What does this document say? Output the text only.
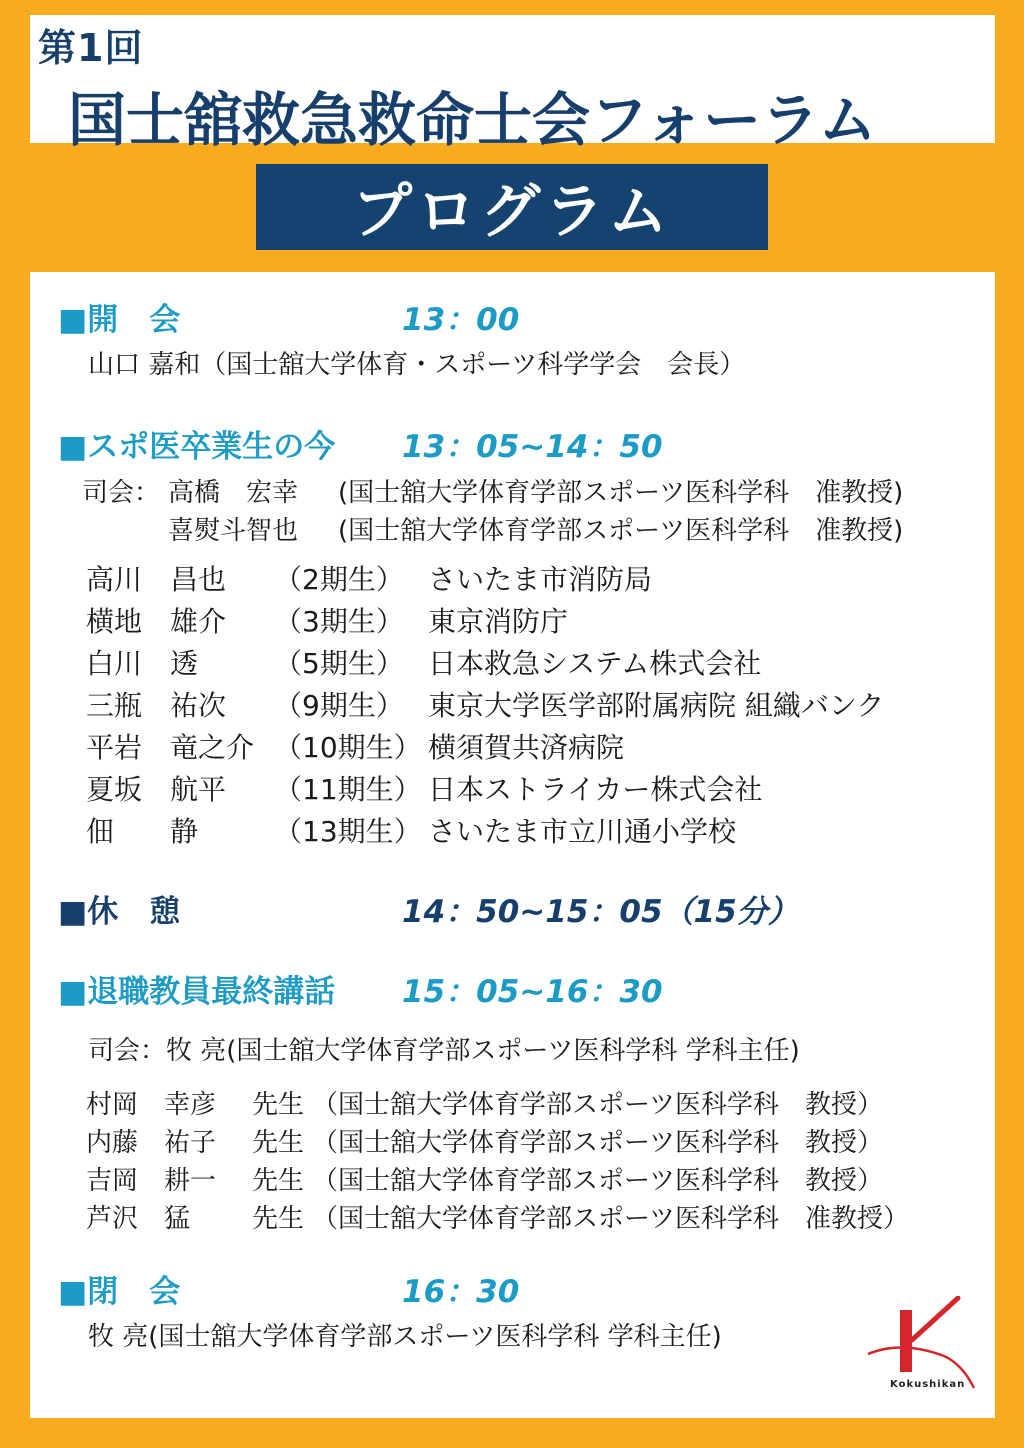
第1回
国士舘救急救命士会フォーラム
プログラム
■開　会	13：00
山口 嘉和（国士舘大学体育・スポーツ科学学会　会長）
■スポ医卒業生の今 13：05~14：50
司会： 高橋　宏幸 (国士舘大学体育学部スポーツ医科学科　准教授)
喜熨斗智也 (国士舘大学体育学部スポーツ医科学科　准教授)
高川　昌也 （2期生） さいたま市消防局
横地　雄介 （3期生） 東京消防庁
白川　透	（5期生） 日本救急システム株式会社
三瓶　祐次 （9期生） 東京大学医学部附属病院 組織バンク
平岩　竜之介 （10期生） 横須賀共済病院
夏坂　航平 （11期生） 日本ストライカー株式会社
佃　　静	（13期生） さいたま市立川通小学校
■休　憩	14：50~15：05（15分）
■退職教員最終講話 15：05~16：30
司会：牧 亮(国士舘大学体育学部スポーツ医科学科 学科主任)
村岡　幸彦 先生 （国士舘大学体育学部スポーツ医科学科　教授）
内藤　祐子 先生 （国士舘大学体育学部スポーツ医科学科　教授）
吉岡　耕一 先生 （国士舘大学体育学部スポーツ医科学科　教授）
芦沢　猛 先生 （国士舘大学体育学部スポーツ医科学科　准教授）
■閉　会	16：30
牧 亮(国士舘大学体育学部スポーツ医科学科 学科主任)
Kokushikan
